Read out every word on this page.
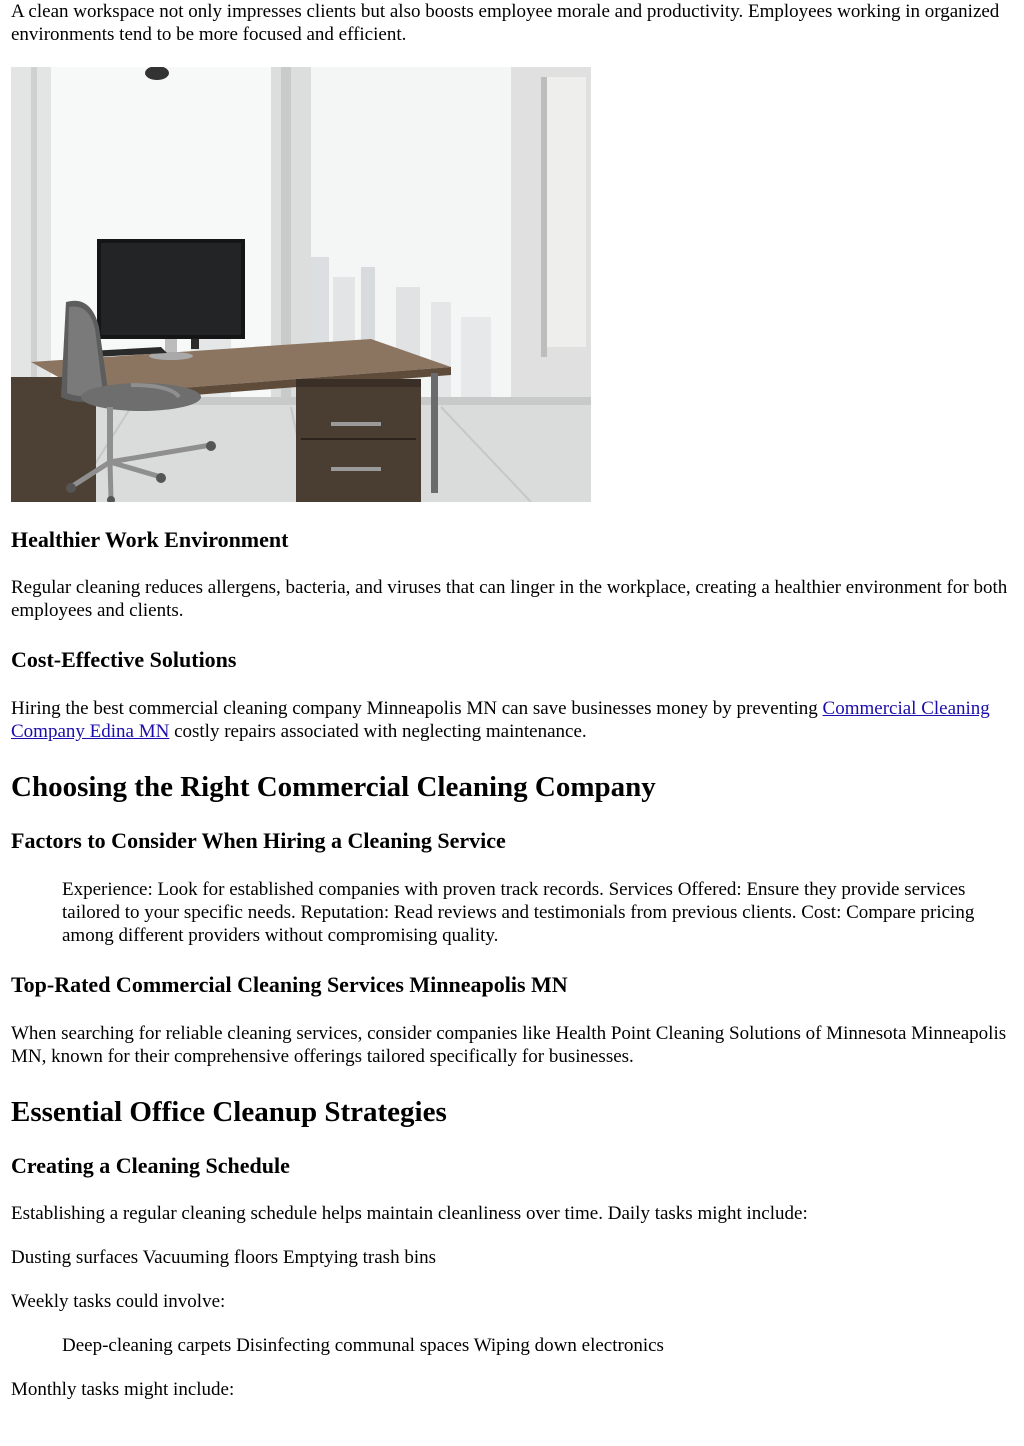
A clean workspace not only impresses clients but also boosts employee morale and productivity. Employees working in organized environments tend to be more focused and efficient.

Healthier Work Environment

Regular cleaning reduces allergens, bacteria, and viruses that can linger in the workplace, creating a healthier environment for both employees and clients.

Cost-Effective Solutions

Hiring the best commercial cleaning company Minneapolis MN can save businesses money by preventing Commercial Cleaning Company Edina MN costly repairs associated with neglecting maintenance.

Choosing the Right Commercial Cleaning Company
Factors to Consider When Hiring a Cleaning Service

Experience: Look for established companies with proven track records. Services Offered: Ensure they provide services tailored to your specific needs. Reputation: Read reviews and testimonials from previous clients. Cost: Compare pricing among different providers without compromising quality.

Top-Rated Commercial Cleaning Services Minneapolis MN

When searching for reliable cleaning services, consider companies like Health Point Cleaning Solutions of Minnesota Minneapolis MN, known for their comprehensive offerings tailored specifically for businesses.

Essential Office Cleanup Strategies
Creating a Cleaning Schedule

Establishing a regular cleaning schedule helps maintain cleanliness over time. Daily tasks might include:

Dusting surfaces Vacuuming floors Emptying trash bins

Weekly tasks could involve:

Deep-cleaning carpets Disinfecting communal spaces Wiping down electronics

Monthly tasks might include:
